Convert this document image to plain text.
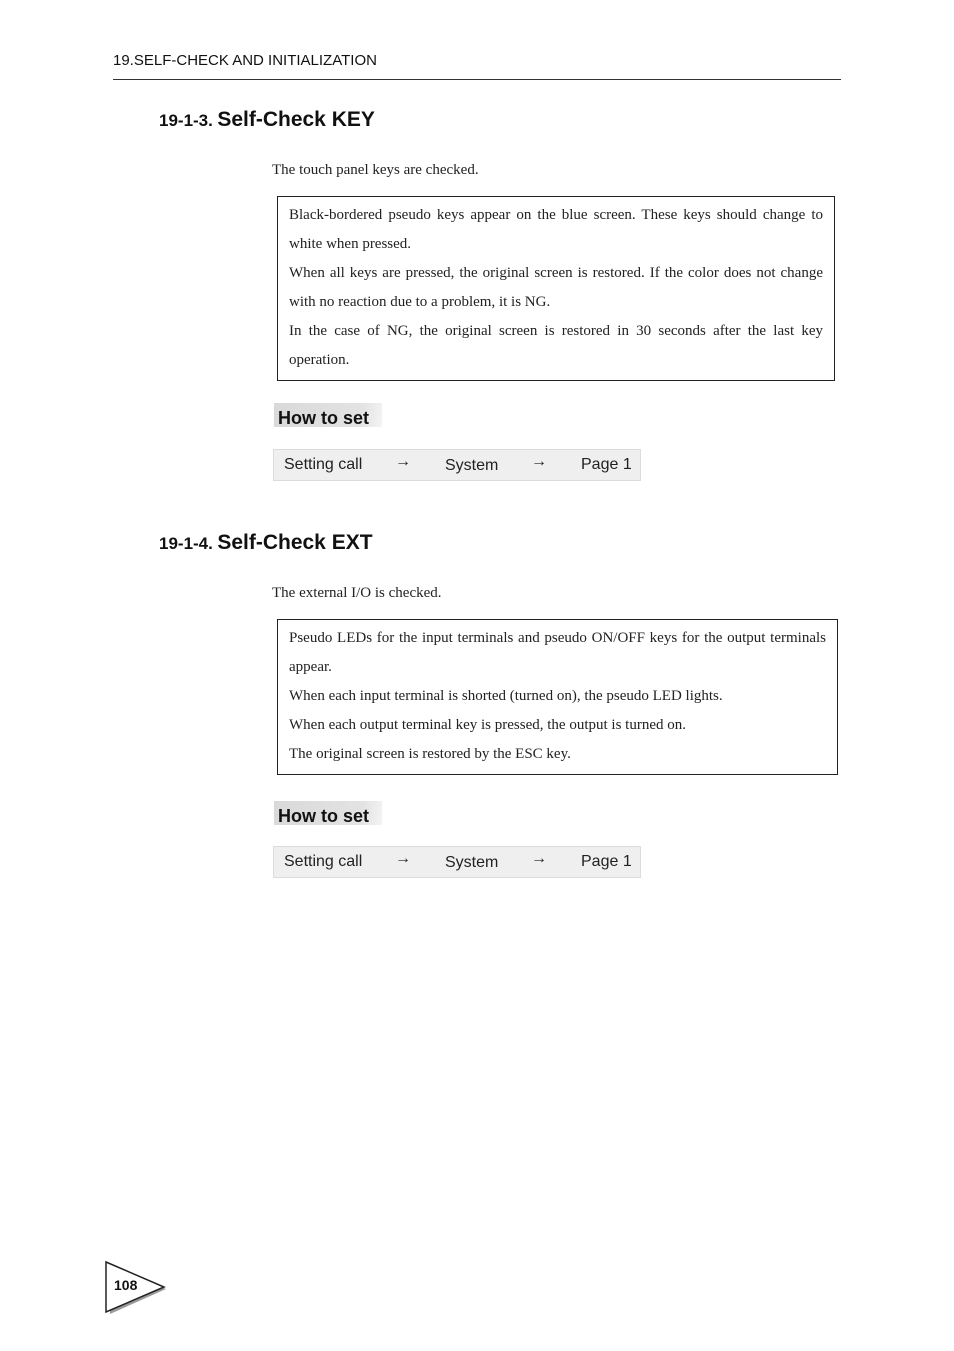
19.SELF-CHECK AND INITIALIZATION
19-1-3. Self-Check KEY
The touch panel keys are checked.

Black-bordered pseudo keys appear on the blue screen. These keys should change to white when pressed.

When all keys are pressed, the original screen is restored. If the color does not change with no reaction due to a problem, it is NG.

In the case of NG, the original screen is restored in 30 seconds after the last key operation.

How to set
Setting call → System → Page 1
19-1-4. Self-Check EXT
The external I/O is checked.

Pseudo LEDs for the input terminals and pseudo ON/OFF keys for the output terminals appear.

When each input terminal is shorted (turned on), the pseudo LED lights.

When each output terminal key is pressed, the output is turned on.

The original screen is restored by the ESC key.

How to set
Setting call → System → Page 1
108
